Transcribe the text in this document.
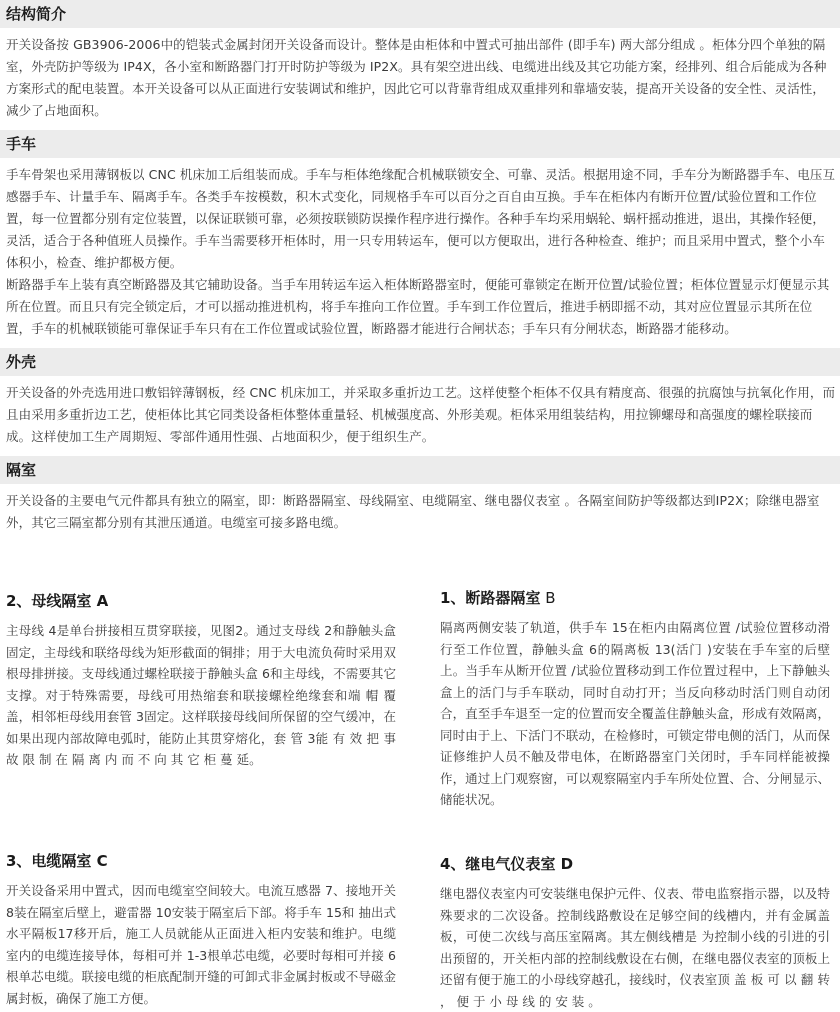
结构简介

开关设备按 GB3906-2006中的铠装式金属封闭开关设备而设计。整体是由柜体和中置式可抽出部件 (即手车) 两大部分组成 。柜体分四个单独的隔室，外壳防护等级为 IP4X，各小室和断路器门打开时防护等级为 IP2X。具有架空进出线、电缆进出线及其它功能方案，经排列、组合后能成为各种方案形式的配电装置。本开关设备可以从正面进行安装调试和维护，因此它可以背靠背组成双重排列和靠墙安装，提高开关设备的安全性、灵活性，减少了占地面积。

手车

手车骨架也采用薄钢板以 CNC 机床加工后组装而成。手车与柜体绝缘配合机械联锁安全、可靠、灵活。根据用途不同，手车分为断路器手车、电压互感器手车、计量手车、隔离手车。各类手车按模数，积木式变化，同规格手车可以百分之百自由互换。手车在柜体内有断开位置/试验位置和工作位置，每一位置都分别有定位装置，以保证联锁可靠，必须按联锁防误操作程序进行操作。各种手车均采用蜗轮、蜗杆摇动推进，退出，其操作轻便，灵活，适合于各种值班人员操作。手车当需要移开柜体时，用一只专用转运车，便可以方便取出，进行各种检查、维护；而且采用中置式，整个小车体积小，检查、维护都极方便。

断路器手车上装有真空断路器及其它辅助设备。当手车用转运车运入柜体断路器室时，便能可靠锁定在断开位置/试验位置；柜体位置显示灯便显示其所在位置。而且只有完全锁定后，才可以摇动推进机构，将手车推向工作位置。手车到工作位置后，推进手柄即摇不动，其对应位置显示其所在位置，手车的机械联锁能可靠保证手车只有在工作位置或试验位置，断路器才能进行合闸状态；手车只有分闸状态，断路器才能移动。

外壳

开关设备的外壳选用进口敷铝锌薄钢板，经 CNC 机床加工，并采取多重折边工艺。这样使整个柜体不仅具有精度高、很强的抗腐蚀与抗氧化作用，而且由采用多重折边工艺，使柜体比其它同类设备柜体整体重量轻、机械强度高、外形美观。柜体采用组装结构，用拉铆螺母和高强度的螺栓联接而成。这样使加工生产周期短、零部件通用性强、占地面积少，便于组织生产。

隔室

开关设备的主要电气元件都具有独立的隔室，即：断路器隔室、母线隔室、电缆隔室、继电器仪表室 。各隔室间防护等级都达到IP2X；除继电器室外，其它三隔室都分别有其泄压通道。电缆室可接多路电缆。

2、母线隔室 A
主母线 4是单台拼接相互贯穿联接，见图2。通过支母线 2和静触头盒固定，主母线和联络母线为矩形截面的铜排；用于大电流负荷时采用双根母排拼接。支母线通过螺栓联接于静触头盒 6和主母线，不需要其它支撑。对于特殊需要，母线可用热缩套和联接螺栓绝缘套和端 帽 覆盖，相邻柜母线用套管 3固定。这样联接母线间所保留的空气缓冲，在如果出现内部故障电弧时，能防止其贯穿熔化，套 管 3能 有 效 把 事 故 限 制 在 隔 离 内 而 不 向 其 它 柜 蔓 延。
1、断路器隔室 B
隔离两侧安装了轨道，供手车 15在柜内由隔离位置 /试验位置移动滑行至工作位置，静触头盒 6的隔离板 13(活门 )安装在手车室的后壁上。当手车从断开位置 /试验位置移动到工作位置过程中，上下静触头盒上的活门与手车联动，同时自动打开；当反向移动时活门则自动闭合，直至手车退至一定的位置而安全覆盖住静触头盒，形成有效隔离，同时由于上、下活门不联动，在检修时，可锁定带电侧的活门，从而保证修维护人员不触及带电体，在断路器室门关闭时，手车同样能被操作，通过上门观察窗，可以观察隔室内手车所处位置、合、分闸显示、储能状况。
3、电缆隔室 C
开关设备采用中置式，因而电缆室空间较大。电流互感器 7、接地开关 8装在隔室后壁上，避雷器 10安装于隔室后下部。将手车 15和 抽出式水平隔板17移开后，施工人员就能从正面进入柜内安装和维护。电缆室内的电缆连接导体，每相可并 1-3根单芯电缆，必要时每相可并接 6根单芯电缆。联接电缆的柜底配制开缝的可卸式非金属封板或不导磁金属封板，确保了施工方便。
4、继电气仪表室 D
继电器仪表室内可安装继电保护元件、仪表、带电监察指示器，以及特殊要求的二次设备。控制线路敷设在足够空间的线槽内，并有金属盖板，可使二次线与高压室隔离。其左侧线槽是 为控制小线的引进的引出预留的，开关柜内部的控制线敷设在右侧，在继电器仪表室的顶板上还留有便于施工的小母线穿越孔，接线时，仪表室顶 盖 板 可 以 翻 转 ， 便 于 小 母 线 的 安 装 。
